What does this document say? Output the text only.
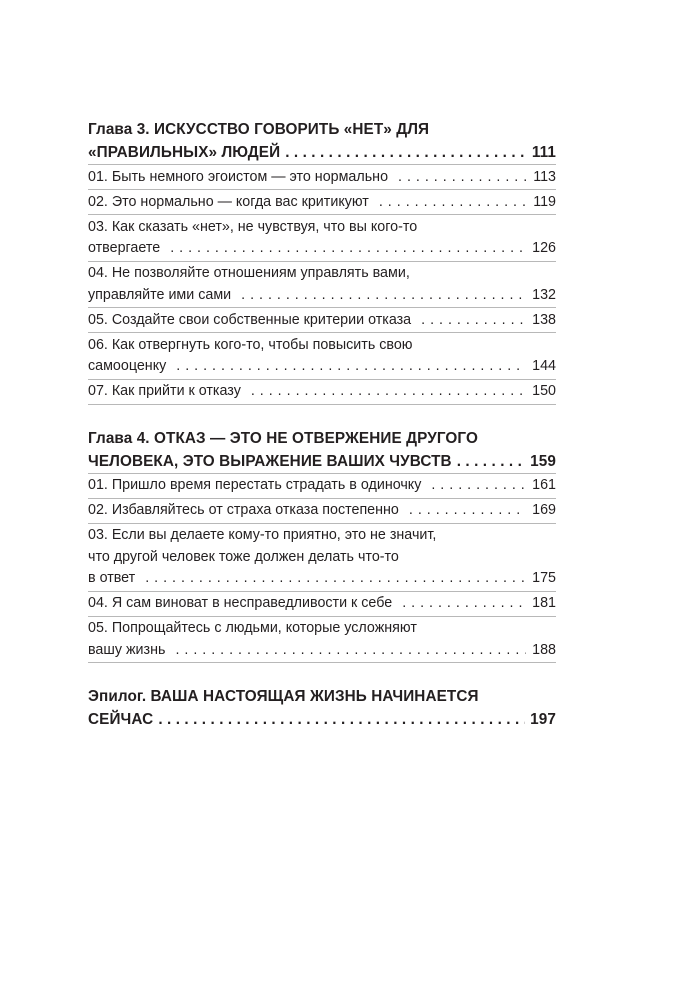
Глава 3. ИСКУССТВО ГОВОРИТЬ «НЕТ» ДЛЯ
«ПРАВИЛЬНЫХ» ЛЮДЕЙ . . .	111
01. Быть немного эгоистом — это нормально . . .	113
02. Это нормально — когда вас критикуют . . .	119
03. Как сказать «нет», не чувствуя, что вы кого-то
отвергаете . . .	126
04. Не позволяйте отношениям управлять вами,
управляйте ими сами . . .	132
05. Создайте свои собственные критерии отказа . . .	138
06. Как отвергнуть кого-то, чтобы повысить свою
самооценку . . .	144
07. Как прийти к отказу . . .	150
Глава 4. ОТКАЗ — ЭТО НЕ ОТВЕРЖЕНИЕ ДРУГОГО
ЧЕЛОВЕКА, ЭТО ВЫРАЖЕНИЕ ВАШИХ ЧУВСТВ . . .	159
01. Пришло время перестать страдать в одиночку . . .	161
02. Избавляйтесь от страха отказа постепенно . . .	169
03. Если вы делаете кому-то приятно, это не значит,
что другой человек тоже должен делать что-то
в ответ . . .	175
04. Я сам виноват в несправедливости к себе . . .	181
05. Попрощайтесь с людьми, которые усложняют
вашу жизнь . . .	188
Эпилог. ВАША НАСТОЯЩАЯ ЖИЗНЬ НАЧИНАЕТСЯ
СЕЙЧАС . . .	197
